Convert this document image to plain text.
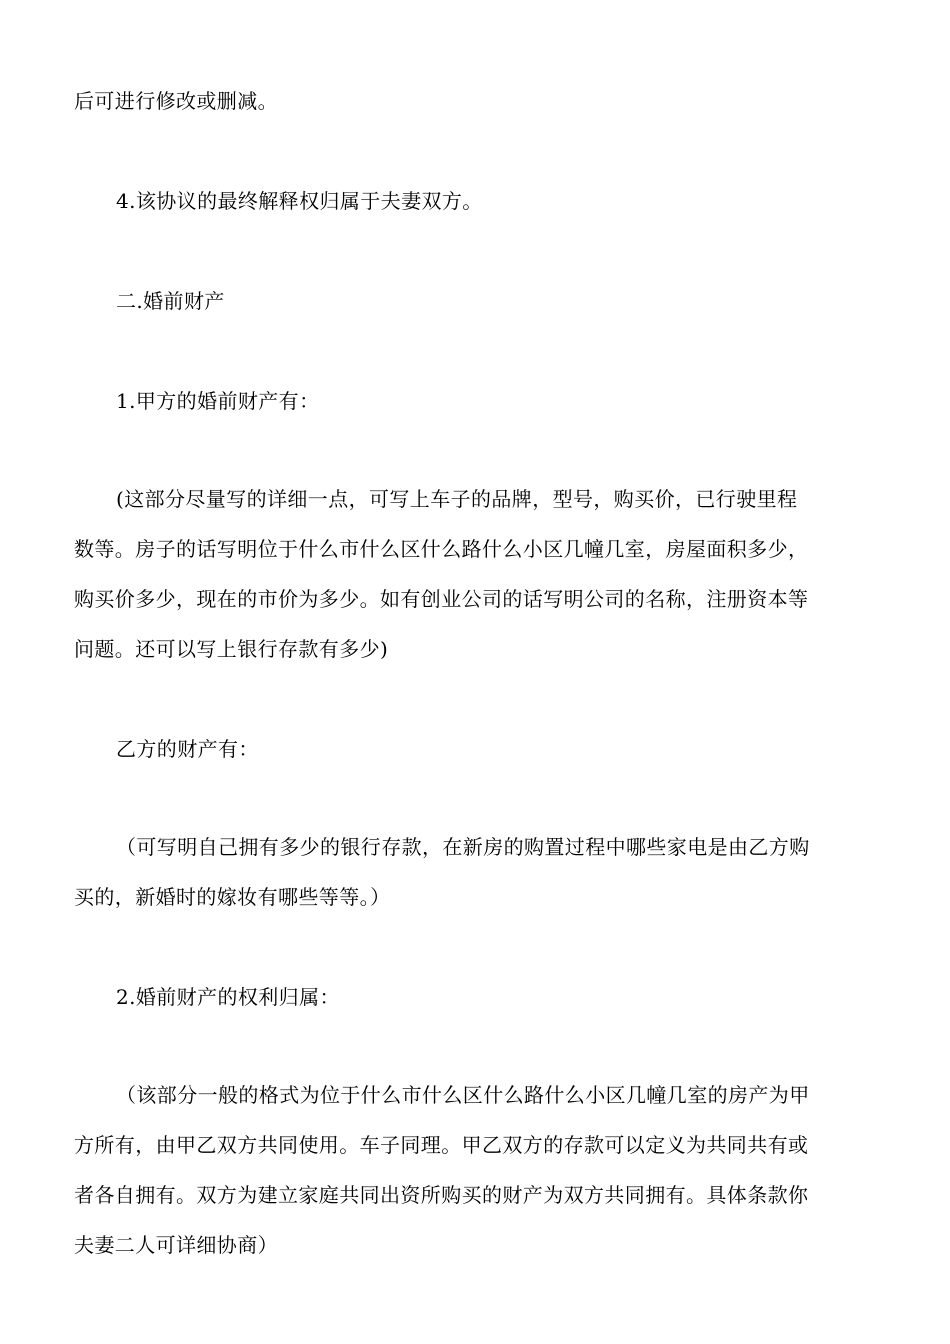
后可进行修改或删减。
4.该协议的最终解释权归属于夫妻双方。
二.婚前财产
1.甲方的婚前财产有：
(这部分尽量写的详细一点，可写上车子的品牌，型号，购买价，已行驶里程
数等。房子的话写明位于什么市什么区什么路什么小区几幢几室，房屋面积多少，
购买价多少，现在的市价为多少。如有创业公司的话写明公司的名称，注册资本等
问题。还可以写上银行存款有多少)
乙方的财产有：
（可写明自己拥有多少的银行存款，在新房的购置过程中哪些家电是由乙方购
买的，新婚时的嫁妆有哪些等等。）
2.婚前财产的权利归属：
（该部分一般的格式为位于什么市什么区什么路什么小区几幢几室的房产为甲
方所有，由甲乙双方共同使用。车子同理。甲乙双方的存款可以定义为共同共有或
者各自拥有。双方为建立家庭共同出资所购买的财产为双方共同拥有。具体条款你
夫妻二人可详细协商）
